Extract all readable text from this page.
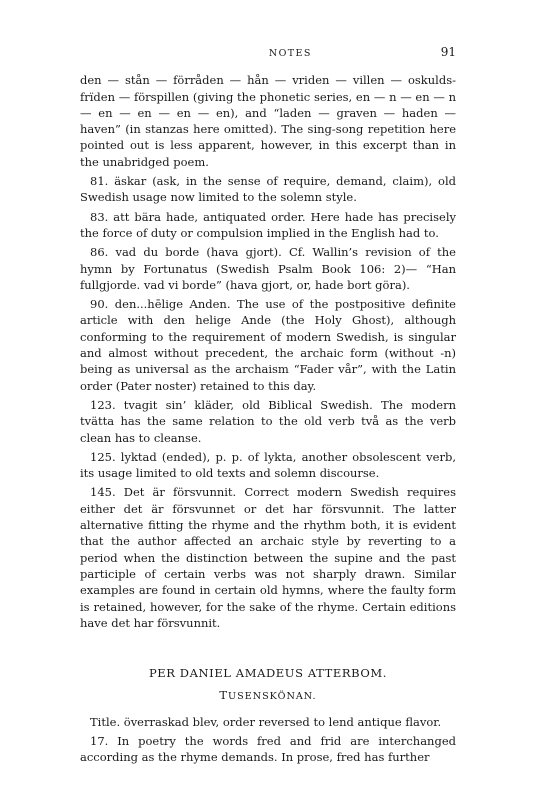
NOTES	91

den — stån — förråden — hån — vriden — villen — oskuldsfrïden — förspillen (giving the phonetic series, en — n — en — n — en — en — en — en), and “laden — graven — haden — haven” (in stanzas here omitted). The sing-song repetition here pointed out is less apparent, however, in this excerpt than in the unabridged poem.

81. äskar (ask, in the sense of require, demand, claim), old Swedish usage now limited to the solemn style.

83. att bära hade, antiquated order. Here hade has precisely the force of duty or compulsion implied in the English had to.

86. vad du borde (hava gjort). Cf. Wallin’s revision of the hymn by Fortunatus (Swedish Psalm Book 106: 2)— “Han fullgjorde. vad vi borde” (hava gjort, or, hade bort göra).

90. den...hēlige Anden. The use of the postpositive definite article with den helige Ande (the Holy Ghost), although conforming to the requirement of modern Swedish, is singular and almost without precedent, the archaic form (without -n) being as universal as the archaism “Fader vår”, with the Latin order (Pater noster) retained to this day.

123. tvagit sin’ kläder, old Biblical Swedish. The modern tvätta has the same relation to the old verb två as the verb clean has to cleanse.

125. lyktad (ended), p. p. of lykta, another obsolescent verb, its usage limited to old texts and solemn discourse.

145. Det är försvunnit. Correct modern Swedish requires either det är försvunnet or det har försvunnit. The latter alternative fitting the rhyme and the rhythm both, it is evident that the author affected an archaic style by reverting to a period when the distinction between the supine and the past participle of certain verbs was not sharply drawn. Similar examples are found in certain old hymns, where the faulty form is retained, however, for the sake of the rhyme. Certain editions have det har försvunnit.

PER DANIEL AMADEUS ATTERBOM.
TUSENSKÖNAN.

Title. överraskad blev, order reversed to lend antique flavor.

17. In poetry the words fred and frid are interchanged according as the rhyme demands. In prose, fred has further
